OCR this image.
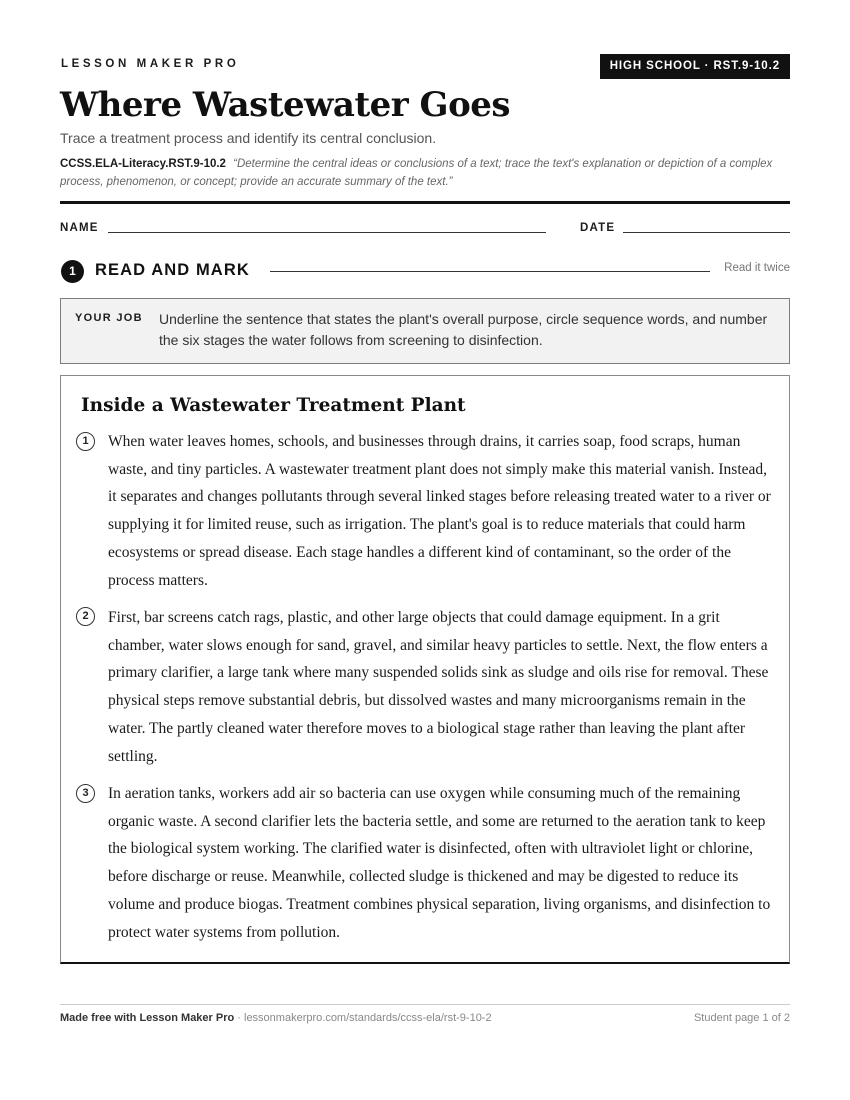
LESSON MAKER PRO	HIGH SCHOOL · RST.9-10.2
Where Wastewater Goes
Trace a treatment process and identify its central conclusion.
CCSS.ELA-Literacy.RST.9-10.2 “Determine the central ideas or conclusions of a text; trace the text's explanation or depiction of a complex process, phenomenon, or concept; provide an accurate summary of the text.”
NAME	DATE
1	READ AND MARK	Read it twice
YOUR JOB Underline the sentence that states the plant's overall purpose, circle sequence words, and number the six stages the water follows from screening to disinfection.
Inside a Wastewater Treatment Plant
1	When water leaves homes, schools, and businesses through drains, it carries soap, food scraps, human waste, and tiny particles. A wastewater treatment plant does not simply make this material vanish. Instead, it separates and changes pollutants through several linked stages before releasing treated water to a river or supplying it for limited reuse, such as irrigation. The plant's goal is to reduce materials that could harm ecosystems or spread disease. Each stage handles a different kind of contaminant, so the order of the process matters.

2	First, bar screens catch rags, plastic, and other large objects that could damage equipment. In a grit chamber, water slows enough for sand, gravel, and similar heavy particles to settle. Next, the flow enters a primary clarifier, a large tank where many suspended solids sink as sludge and oils rise for removal. These physical steps remove substantial debris, but dissolved wastes and many microorganisms remain in the water. The partly cleaned water therefore moves to a biological stage rather than leaving the plant after settling.

3	In aeration tanks, workers add air so bacteria can use oxygen while consuming much of the remaining organic waste. A second clarifier lets the bacteria settle, and some are returned to the aeration tank to keep the biological system working. The clarified water is disinfected, often with ultraviolet light or chlorine, before discharge or reuse. Meanwhile, collected sludge is thickened and may be digested to reduce its volume and produce biogas. Treatment combines physical separation, living organisms, and disinfection to protect water systems from pollution.

Made free with Lesson Maker Pro · lessonmakerpro.com/standards/ccss-ela/rst-9-10-2	Student page 1 of 2
